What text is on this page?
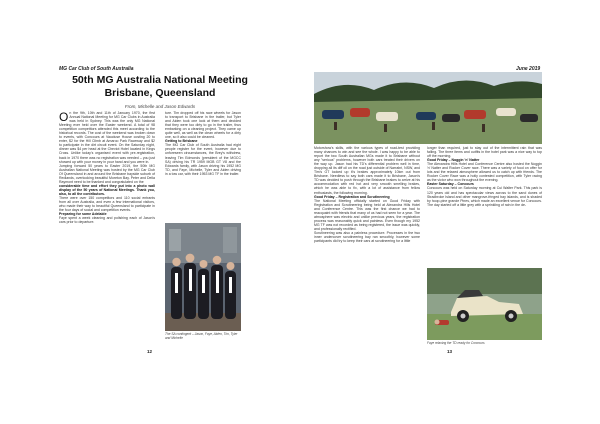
MG Car Club of South Australia
50th MG Australia National Meeting
Brisbane, Queensland
From, Michelle and Jason Edwards

On the 9th, 10th and 11th of January 1970, the first Annual National Meeting for MG Car Clubs in Australia was held in Sydney. This was the only MG National Meeting ever held over the Easter weekend. A total of 98 competition competitors attended this meet according to the historical records. The cost of the weekend was broken down to events, with Concours at Vaucluse House costing 20 to enter, $2 for the Hill Climb at Amaroo Park Raceway and $2 to participate in the dirt circuit event. On the Saturday night, dinner was $4 per head at the Cheviot Hotel located in Kings Cross. Unlike today's organised event with pre-registration, back in 1970 there was no registration was needed – you just showed up with your money in your hand and you were in.

Jumping forward 50 years to Easter 2019, the 50th MG Australian National Meeting was hosted by the MG Car Club Of Queensland in and around the Brisbane bayside suburb of Redlands, overlooking beautiful Moreton Bay. Peter and Della Raymont need to be thanked and congratulated on the

considerable time and effort they put into a photo wall display of the 50 years of National Meetings. Thank you, also, to all the contributors.

There were over 150 competitors and 110 social entrants from all over Australia, and even a few international visitors, who made their way to beautiful Queensland to participate in the four days of social and competition events.

Preparing for some Adelaide

Faye spent a week cleaning and polishing each of Jason's cars prior to departure.

ture. Tim dropped off his race wheels for Jason to transport to Brisbane in the trailer, but Tyler and Aiden took one look at them and decided that they were too dirty to go in the trailer, thus embarking on a cleaning project. They came up quite well, as well as the clean wheels for a dirty one, so it also could be cleaned.

Getting to Brisbane

The MG Car Club of South Australia had eight people register for the event, however due to unforeseen circumstances, the Brey's withdrew, leaving Tim Edmonds (president of the MGCC SA) driving his TR 1959 MGB GT V8 and the Edwards family, with Jason driving his 1952 MG TD, and Faye, Michelle, Tyler and Aiden driving in a tow car, with their 1953 MG TF in the trailer.

The SA contingent – Jason, Faye, Aiden, Tim, Tyler and Michelle
12
June 2019

Motorshow's skills, with the various types of road-test providing many chances to win and see the whole. I was happy to be able to report the two South Australian MGs made it to Brisbane without any "serious" problems, however both cars treated their drivers on the way up. Jason had his TD's differential problem well in time, dropping all its diff oil on the road just outside of Narrabri, NSW, and Tim's GT looked up it's brakes approximately 10km out from Brisbane. Needless to say both cars made it to Brisbane, Jason's TD was decided to push through the Brisbane brakes to arrive at his accommodation with red hot and very smooth smelling brakes, which he was able to fix, with a lot of assistance from fellow enthusiasts, the following morning.

Good Friday – Registration and Scrutineering

The National Meeting officially started on Good Friday with Registration and Scrutineering being held at Alexandra Hills Hotel and Conference Centre. This was the first chance we had to reacquaint with friends that many of us had not seen for a year. The atmosphere was electric and unlike previous years, the registration process was reasonably quick and painless. Even though my 1952 MG TF was not recorded as being registered, the issue was quickly, and professionally rectified.

Scrutineering was also a painless procedure. Processes in the two inner undercover scrutineering bay ran smoothly, however some participants did try to keep their cars at scrutineering for a little

longer than required, just to stay out of the intermittent rain that was falling. The three items and outfits in the hotel park was a nice way to top off the morning.

Good Friday – Noggin 'n' Natter

The Alexandra Hills Hotel and Conference Centre also hosted the Noggin 'n' Natter and Rocker Cover race. There was a variety of food on offer for lots and the relaxed atmosphere allowed us to catch up with friends. The Rocker Cover Race was a hotly contested competition, with Tyler racing as the victor who won throughout the evening.

Easter Saturday – Concours

Concours was held on Saturday morning at Cui Walter Park. This park is 120 years old and has spectacular views across to the sand dunes of Stradbroke Island and other mangrove-fringed bay islands, and is shaded by hoop-pine grande Pines, which made an excellent venue for Concours. The day started off a little grey with a sprinkling of rain in the de-

Faye relaxing the TD ready for Concours
13
